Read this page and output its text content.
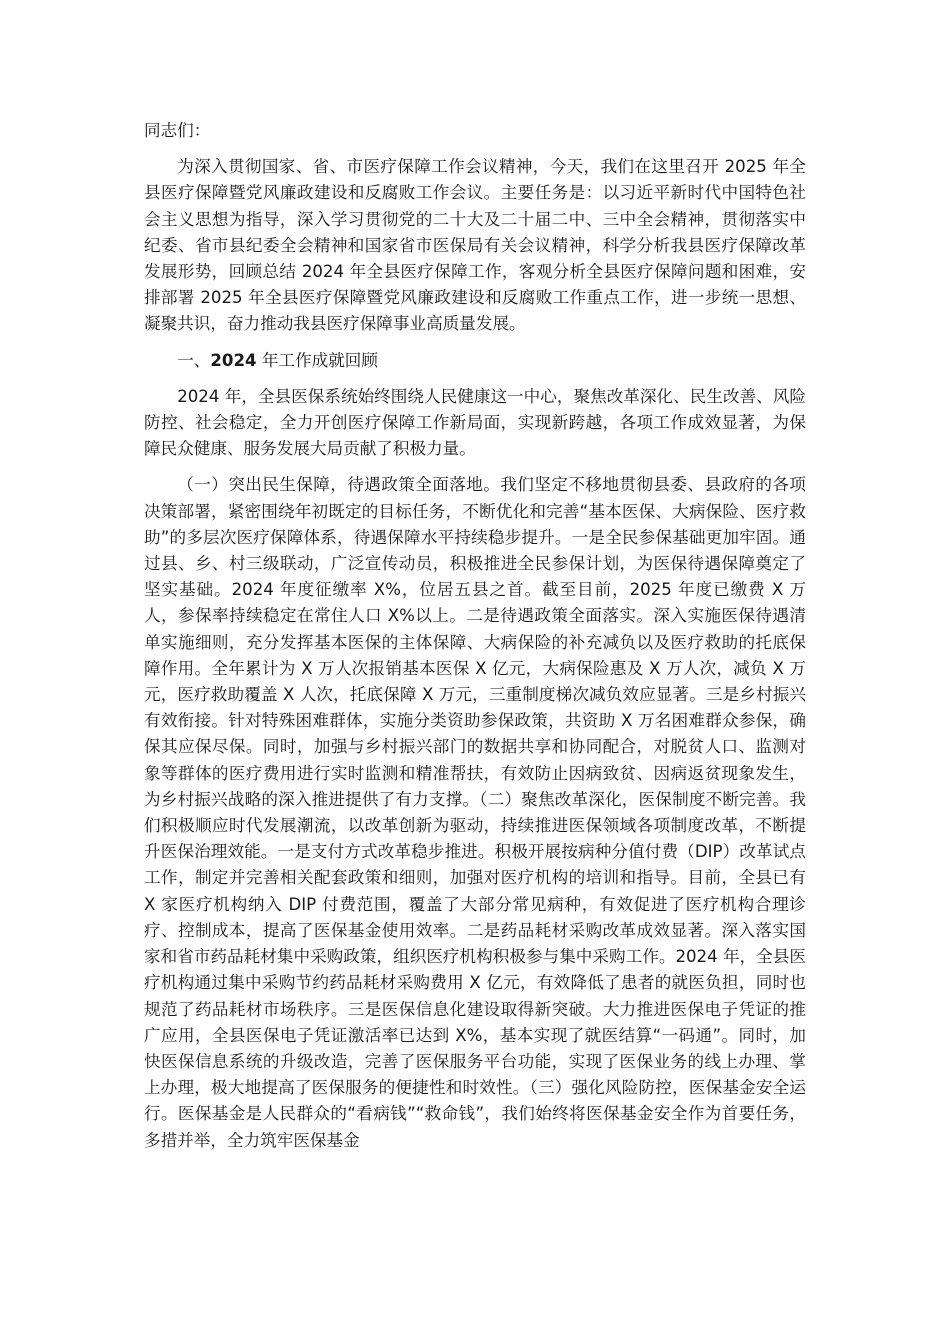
同志们：

为深入贯彻国家、省、市医疗保障工作会议精神，今天，我们在这里召开 2025 年全县医疗保障暨党风廉政建设和反腐败工作会议。主要任务是：以习近平新时代中国特色社会主义思想为指导，深入学习贯彻党的二十大及二十届二中、三中全会精神，贯彻落实中纪委、省市县纪委全会精神和国家省市医保局有关会议精神，科学分析我县医疗保障改革发展形势，回顾总结 2024 年全县医疗保障工作，客观分析全县医疗保障问题和困难，安排部署 2025 年全县医疗保障暨党风廉政建设和反腐败工作重点工作，进一步统一思想、凝聚共识，奋力推动我县医疗保障事业高质量发展。

一、2024 年工作成就回顾

2024 年，全县医保系统始终围绕人民健康这一中心，聚焦改革深化、民生改善、风险防控、社会稳定，全力开创医疗保障工作新局面，实现新跨越，各项工作成效显著，为保障民众健康、服务发展大局贡献了积极力量。

（一）突出民生保障，待遇政策全面落地。我们坚定不移地贯彻县委、县政府的各项决策部署，紧密围绕年初既定的目标任务，不断优化和完善“基本医保、大病保险、医疗救助”的多层次医疗保障体系，待遇保障水平持续稳步提升。一是全民参保基础更加牢固。通过县、乡、村三级联动，广泛宣传动员，积极推进全民参保计划，为医保待遇保障奠定了坚实基础。2024 年度征缴率 X%，位居五县之首。截至目前，2025 年度已缴费 X 万人，参保率持续稳定在常住人口 X%以上。二是待遇政策全面落实。深入实施医保待遇清单实施细则，充分发挥基本医保的主体保障、大病保险的补充减负以及医疗救助的托底保障作用。全年累计为 X 万人次报销基本医保 X 亿元，大病保险惠及 X 万人次，减负 X 万元，医疗救助覆盖 X 人次，托底保障 X 万元，三重制度梯次减负效应显著。三是乡村振兴有效衔接。针对特殊困难群体，实施分类资助参保政策，共资助 X 万名困难群众参保，确保其应保尽保。同时，加强与乡村振兴部门的数据共享和协同配合，对脱贫人口、监测对象等群体的医疗费用进行实时监测和精准帮扶，有效防止因病致贫、因病返贫现象发生，为乡村振兴战略的深入推进提供了有力支撑。（二）聚焦改革深化，医保制度不断完善。我们积极顺应时代发展潮流，以改革创新为驱动，持续推进医保领域各项制度改革，不断提升医保治理效能。一是支付方式改革稳步推进。积极开展按病种分值付费（DIP）改革试点工作，制定并完善相关配套政策和细则，加强对医疗机构的培训和指导。目前，全县已有 X 家医疗机构纳入 DIP 付费范围，覆盖了大部分常见病种，有效促进了医疗机构合理诊疗、控制成本，提高了医保基金使用效率。二是药品耗材采购改革成效显著。深入落实国家和省市药品耗材集中采购政策，组织医疗机构积极参与集中采购工作。2024 年，全县医疗机构通过集中采购节约药品耗材采购费用 X 亿元，有效降低了患者的就医负担，同时也规范了药品耗材市场秩序。三是医保信息化建设取得新突破。大力推进医保电子凭证的推广应用，全县医保电子凭证激活率已达到 X%，基本实现了就医结算“一码通”。同时，加快医保信息系统的升级改造，完善了医保服务平台功能，实现了医保业务的线上办理、掌上办理，极大地提高了医保服务的便捷性和时效性。（三）强化风险防控，医保基金安全运行。医保基金是人民群众的“看病钱”“救命钱”，我们始终将医保基金安全作为首要任务，多措并举，全力筑牢医保基金
